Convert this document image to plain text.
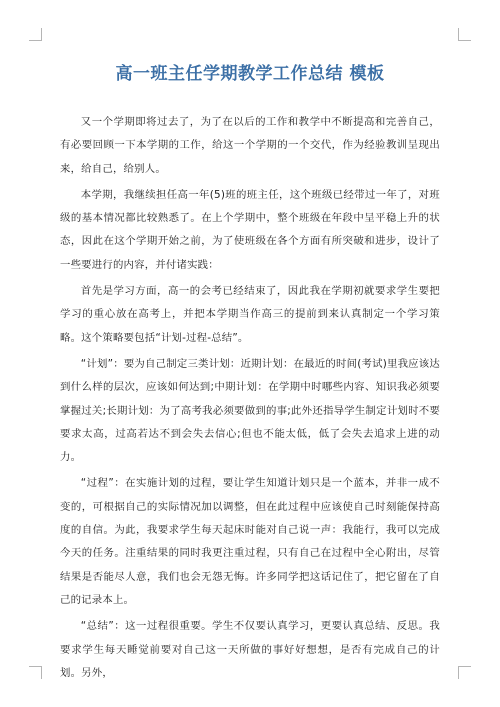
高一班主任学期教学工作总结 模板

又一个学期即将过去了，为了在以后的工作和教学中不断提高和完善自己，有必要回顾一下本学期的工作，给这一个学期的一个交代，作为经验教训呈现出来，给自己，给别人。

本学期，我继续担任高一年(5)班的班主任，这个班级已经带过一年了，对班级的基本情况都比较熟悉了。在上个学期中，整个班级在年段中呈平稳上升的状态，因此在这个学期开始之前，为了使班级在各个方面有所突破和进步，设计了一些要进行的内容，并付诸实践：

首先是学习方面，高一的会考已经结束了，因此我在学期初就要求学生要把学习的重心放在高考上，并把本学期当作高三的提前到来认真制定一个学习策略。这个策略要包括“计划-过程-总结”。

“计划”：要为自己制定三类计划：近期计划：在最近的时间(考试)里我应该达到什么样的层次，应该如何达到;中期计划：在学期中时哪些内容、知识我必须要掌握过关;长期计划：为了高考我必须要做到的事;此外还指导学生制定计划时不要要求太高，过高若达不到会失去信心;但也不能太低，低了会失去追求上进的动力。

“过程”：在实施计划的过程，要让学生知道计划只是一个蓝本，并非一成不变的，可根据自己的实际情况加以调整，但在此过程中应该使自己时刻能保持高度的自信。为此，我要求学生每天起床时能对自己说一声：我能行，我可以完成今天的任务。注重结果的同时我更注重过程，只有自己在过程中全心附出，尽管结果是否能尽人意，我们也会无怨无悔。许多同学把这话记住了，把它留在了自己的记录本上。

“总结”：这一过程很重要。学生不仅要认真学习，更要认真总结、反思。我要求学生每天睡觉前要对自己这一天所做的事好好想想，是否有完成自己的计划。另外，
